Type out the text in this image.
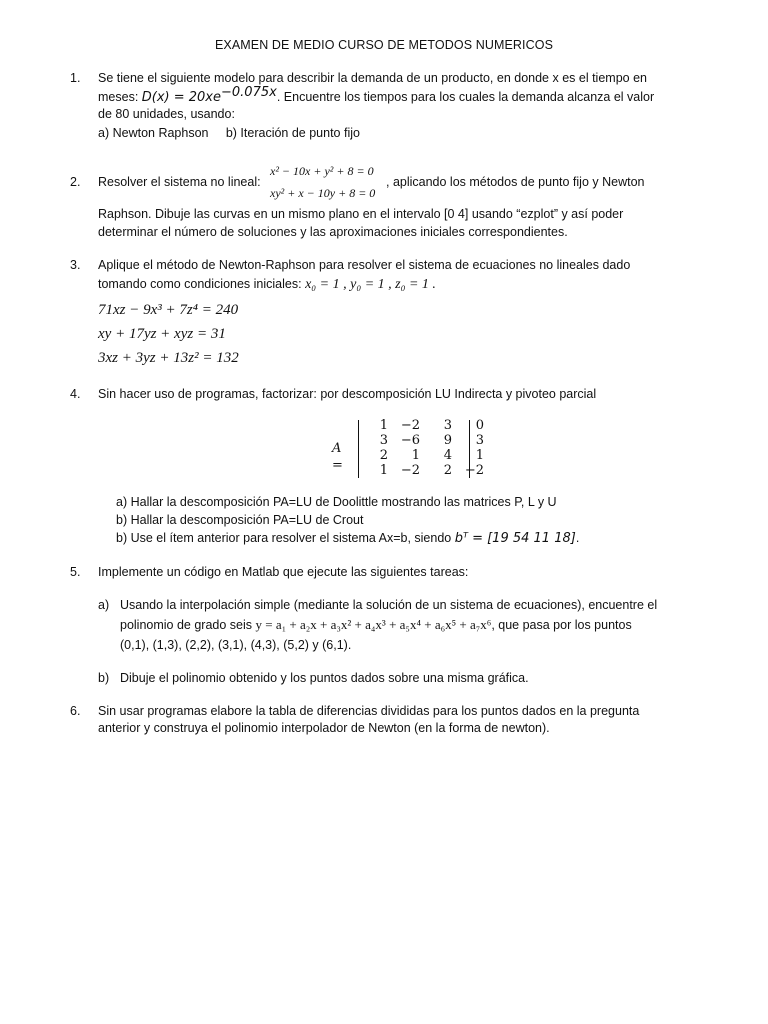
EXAMEN DE MEDIO CURSO DE METODOS NUMERICOS
1.	Se tiene el siguiente modelo para describir la demanda de un producto, en donde x es el tiempo en
meses: $D(x) = 20xe^{-0.075x}$. Encuentre los tiempos para los cuales la demanda alcanza el valor
de 80 unidades, usando:
a) Newton Raphson     b) Iteración de punto fijo
2.	Resolver el sistema no lineal:
x² − 10x + y² + 8 = 0
xy² + x − 10y + 8 = 0
, aplicando los métodos de punto fijo y Newton
Raphson. Dibuje las curvas en un mismo plano en el intervalo [0 4] usando “ezplot” y así poder
determinar el número de soluciones y las aproximaciones iniciales correspondientes.
3.	Aplique el método de Newton-Raphson para resolver el sistema de ecuaciones no lineales dado
tomando como condiciones iniciales: x₀ = 1 , y₀ = 1 , z₀ = 1 .
71xz − 9x³ + 7z⁴ = 240
xy + 17yz + xyz = 31
3xz + 3yz + 13z² = 132
4.	Sin hacer uso de programas, factorizar: por descomposición LU Indirecta y pivoteo parcial
A =
1	−2	3	0
3	−6	9	3
2	1	4	1
1	−2	2	−2
a) Hallar la descomposición PA=LU de Doolittle mostrando las matrices P, L y U
b) Hallar la descomposición PA=LU de Crout
b) Use el ítem anterior para resolver el sistema Ax=b, siendo bᵀ = [19 54 11 18].
5.	Implemente un código en Matlab que ejecute las siguientes tareas:
a) Usando la interpolación simple (mediante la solución de un sistema de ecuaciones), encuentre el
polinomio de grado seis y = a₁ + a₂x + a₃x² + a₄x³ + a₅x⁴ + a₆x⁵ + a₇x⁶, que pasa por los puntos
(0,1), (1,3), (2,2), (3,1), (4,3), (5,2) y (6,1).
b) Dibuje el polinomio obtenido y los puntos dados sobre una misma gráfica.
6.	Sin usar programas elabore la tabla de diferencias divididas para los puntos dados en la pregunta
anterior y construya el polinomio interpolador de Newton (en la forma de newton).
